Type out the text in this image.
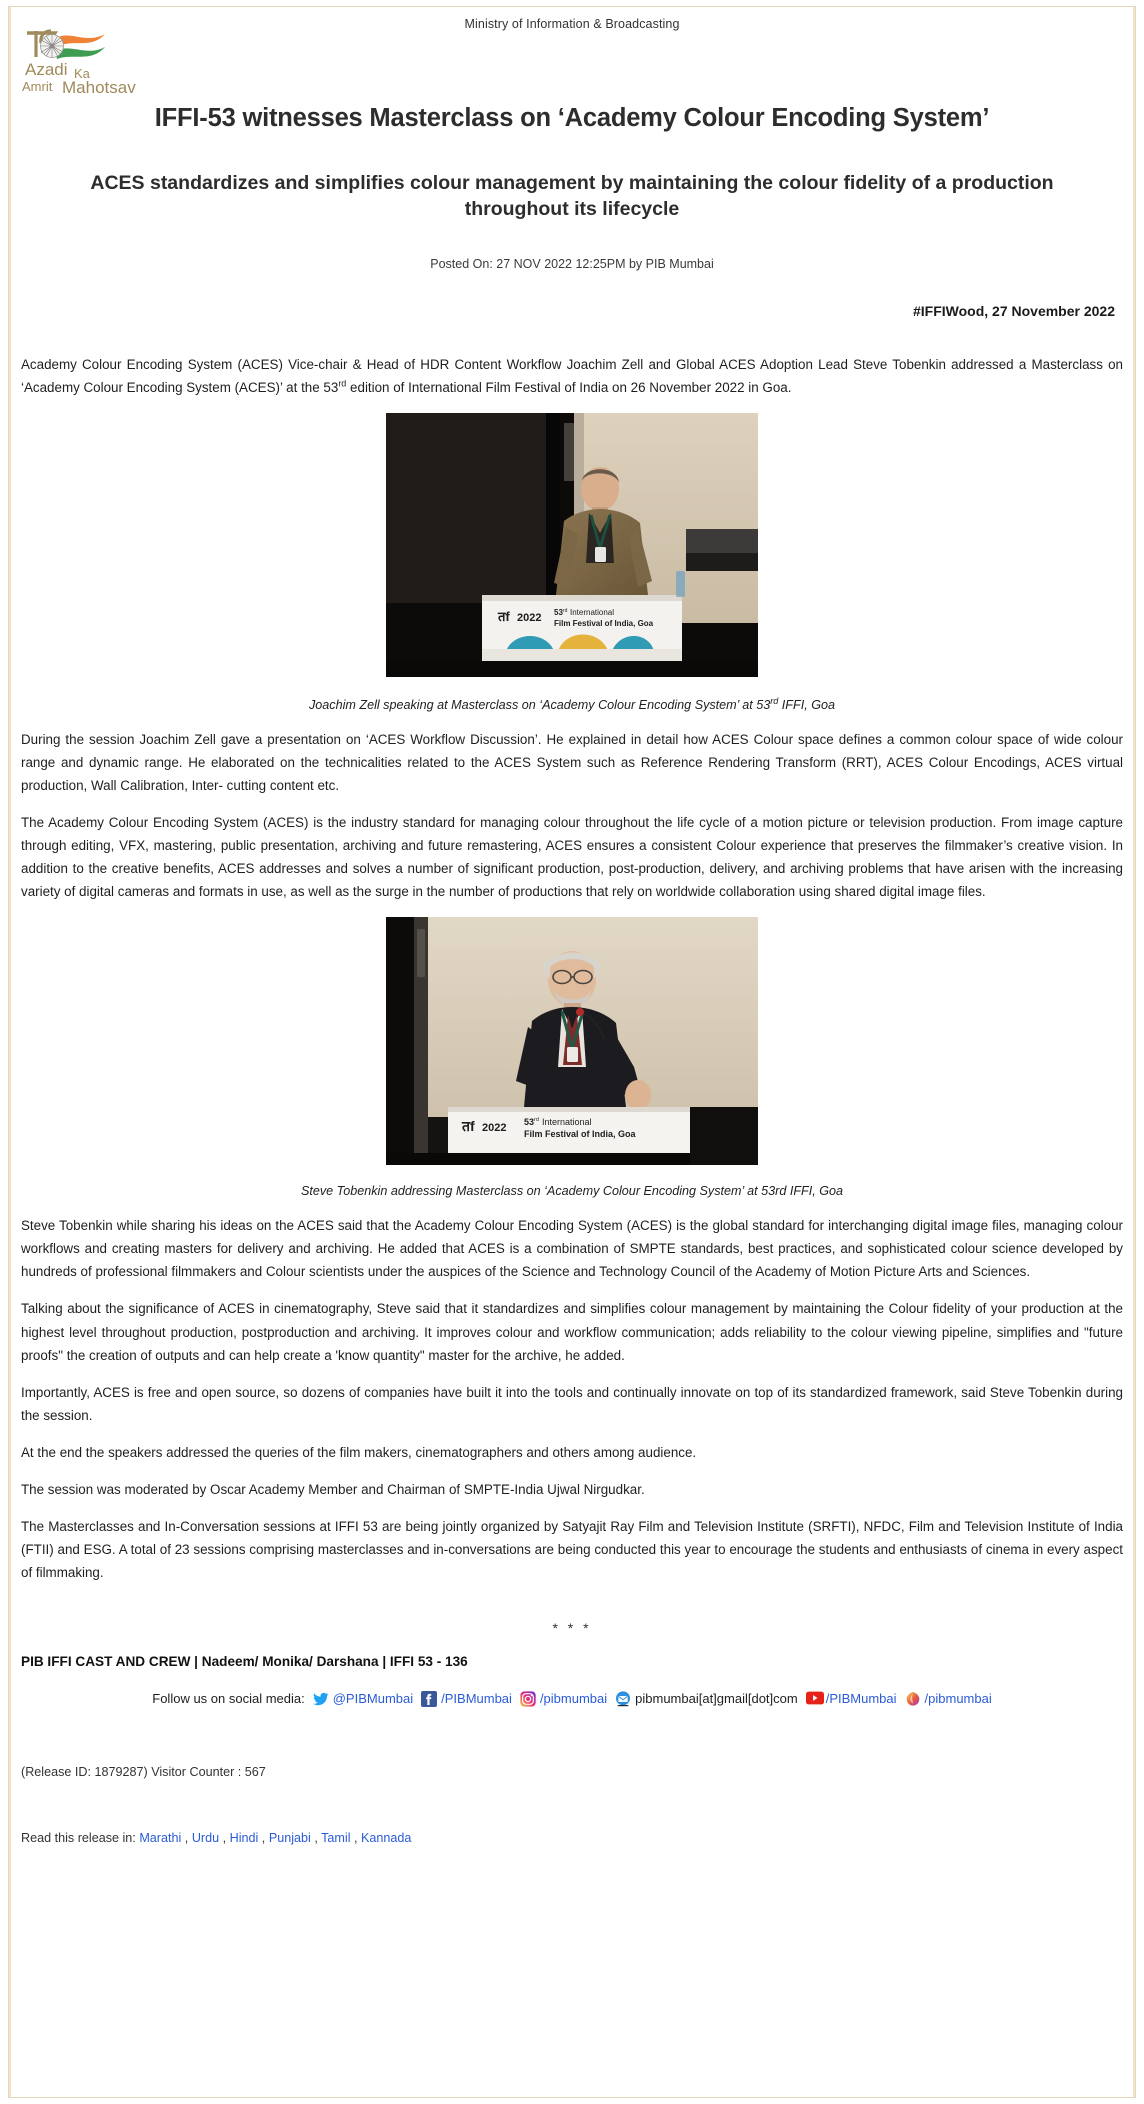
Ministry of Information & Broadcasting
Azadi Ka
Amrit Mahotsav
IFFI-53 witnesses Masterclass on ‘Academy Colour Encoding System’
ACES standardizes and simplifies colour management by maintaining the colour fidelity of a production throughout its lifecycle
Posted On: 27 NOV 2022 12:25PM by PIB Mumbai
#IFFIWood, 27 November 2022

Academy Colour Encoding System (ACES) Vice-chair & Head of HDR Content Workflow Joachim Zell and Global ACES Adoption Lead Steve Tobenkin addressed a Masterclass on ‘Academy Colour Encoding System (ACES)’ at the 53rd edition of International Film Festival of India on 26 November 2022 in Goa.

तf 2022 53 rd International
Film Festival of India, Goa
Joachim Zell speaking at Masterclass on ‘Academy Colour Encoding System’ at 53rd IFFI, Goa

During the session Joachim Zell gave a presentation on ‘ACES Workflow Discussion’. He explained in detail how ACES Colour space defines a common colour space of wide colour range and dynamic range. He elaborated on the technicalities related to the ACES System such as Reference Rendering Transform (RRT), ACES Colour Encodings, ACES virtual production, Wall Calibration, Inter- cutting content etc.

The Academy Colour Encoding System (ACES) is the industry standard for managing colour throughout the life cycle of a motion picture or television production. From image capture through editing, VFX, mastering, public presentation, archiving and future remastering, ACES ensures a consistent Colour experience that preserves the filmmaker’s creative vision. In addition to the creative benefits, ACES addresses and solves a number of significant production, post-production, delivery, and archiving problems that have arisen with the increasing variety of digital cameras and formats in use, as well as the surge in the number of productions that rely on worldwide collaboration using shared digital image files.

तf 2022 53 rd International
Film Festival of India, Goa
Steve Tobenkin addressing Masterclass on ‘Academy Colour Encoding System’ at 53rd IFFI, Goa

Steve Tobenkin while sharing his ideas on the ACES said that the Academy Colour Encoding System (ACES) is the global standard for interchanging digital image files, managing colour workflows and creating masters for delivery and archiving. He added that ACES is a combination of SMPTE standards, best practices, and sophisticated colour science developed by hundreds of professional filmmakers and Colour scientists under the auspices of the Science and Technology Council of the Academy of Motion Picture Arts and Sciences.

Talking about the significance of ACES in cinematography, Steve said that it standardizes and simplifies colour management by maintaining the Colour fidelity of your production at the highest level throughout production, postproduction and archiving. It improves colour and workflow communication; adds reliability to the colour viewing pipeline, simplifies and "future proofs" the creation of outputs and can help create a 'know quantity" master for the archive, he added.

Importantly, ACES is free and open source, so dozens of companies have built it into the tools and continually innovate on top of its standardized framework, said Steve Tobenkin during the session.

At the end the speakers addressed the queries of the film makers, cinematographers and others among audience.

The session was moderated by Oscar Academy Member and Chairman of SMPTE-India Ujwal Nirgudkar.

The Masterclasses and In-Conversation sessions at IFFI 53 are being jointly organized by Satyajit Ray Film and Television Institute (SRFTI), NFDC, Film and Television Institute of India (FTII) and ESG. A total of 23 sessions comprising masterclasses and in-conversations are being conducted this year to encourage the students and enthusiasts of cinema in every aspect of filmmaking.

* * *
PIB IFFI CAST AND CREW | Nadeem/ Monika/ Darshana | IFFI 53 - 136
Follow us on social media: @PIBMumbai /PIBMumbai /pibmumbai pibmumbai[at]gmail[dot]com /PIBMumbai /pibmumbai
(Release ID: 1879287) Visitor Counter : 567
Read this release in: Marathi , Urdu , Hindi , Punjabi , Tamil , Kannada
